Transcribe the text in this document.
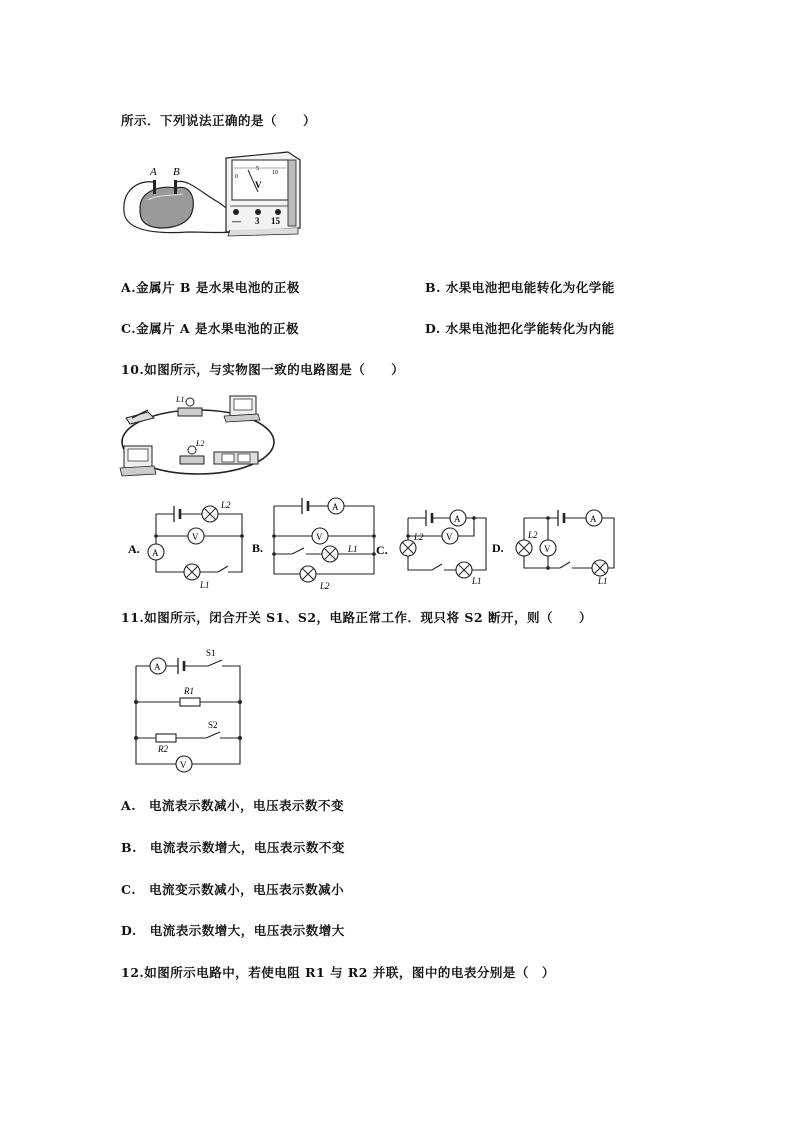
所示．下列说法正确的是（　　）
A B	0
5
10
V
— 3 15
A.金属片 B 是水果电池的正极	B. 水果电池把电能转化为化学能
C.金属片 A 是水果电池的正极	D. 水果电池把化学能转化为内能
10.如图所示，与实物图一致的电路图是（　　）
L1
L2
A.
L2
A
V
L1
B.
A
V
L1
L2
C.
A
L2 V
L1
D.
A
L2
V
L1
11.如图所示，闭合开关 S1、S2，电路正常工作．现只将 S2 断开，则（　　）
A
S1
R1
R2
S2
V
A.　电流表示数减小，电压表示数不变
B.　电流表示数增大，电压表示数不变
C.　电流变示数减小，电压表示数减小
D.　电流表示数增大，电压表示数增大
12.如图所示电路中，若使电阻 R1 与 R2 并联，图中的电表分别是（　）
